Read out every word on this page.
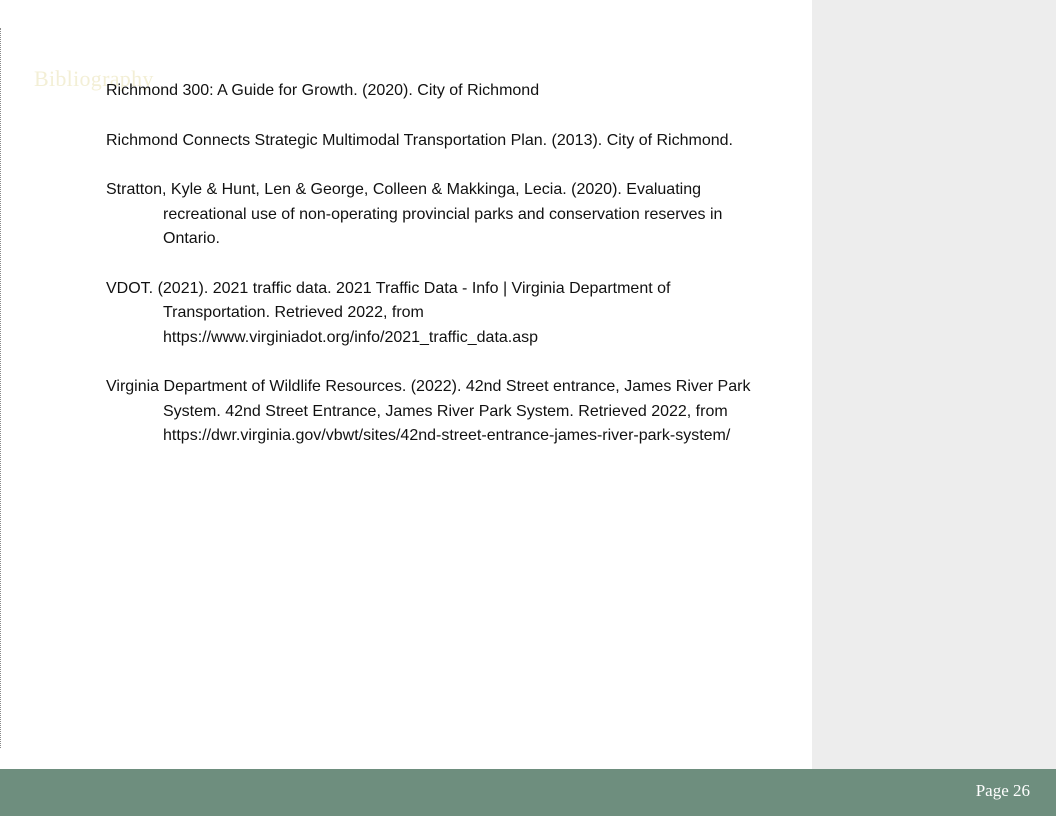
Bibliography
Richmond 300: A Guide for Growth. (2020). City of Richmond
Richmond Connects Strategic Multimodal Transportation Plan. (2013). City of Richmond.
Stratton, Kyle & Hunt, Len & George, Colleen & Makkinga, Lecia. (2020). Evaluating recreational use of non-operating provincial parks and conservation reserves in Ontario.
VDOT. (2021). 2021 traffic data. 2021 Traffic Data - Info | Virginia Department of Transportation. Retrieved 2022, from https://www.virginiadot.org/info/2021_traffic_data.asp
Virginia Department of Wildlife Resources. (2022). 42nd Street entrance, James River Park System. 42nd Street Entrance, James River Park System. Retrieved 2022, from https://dwr.virginia.gov/vbwt/sites/42nd-street-entrance-james-river-park-system/
Page 26
